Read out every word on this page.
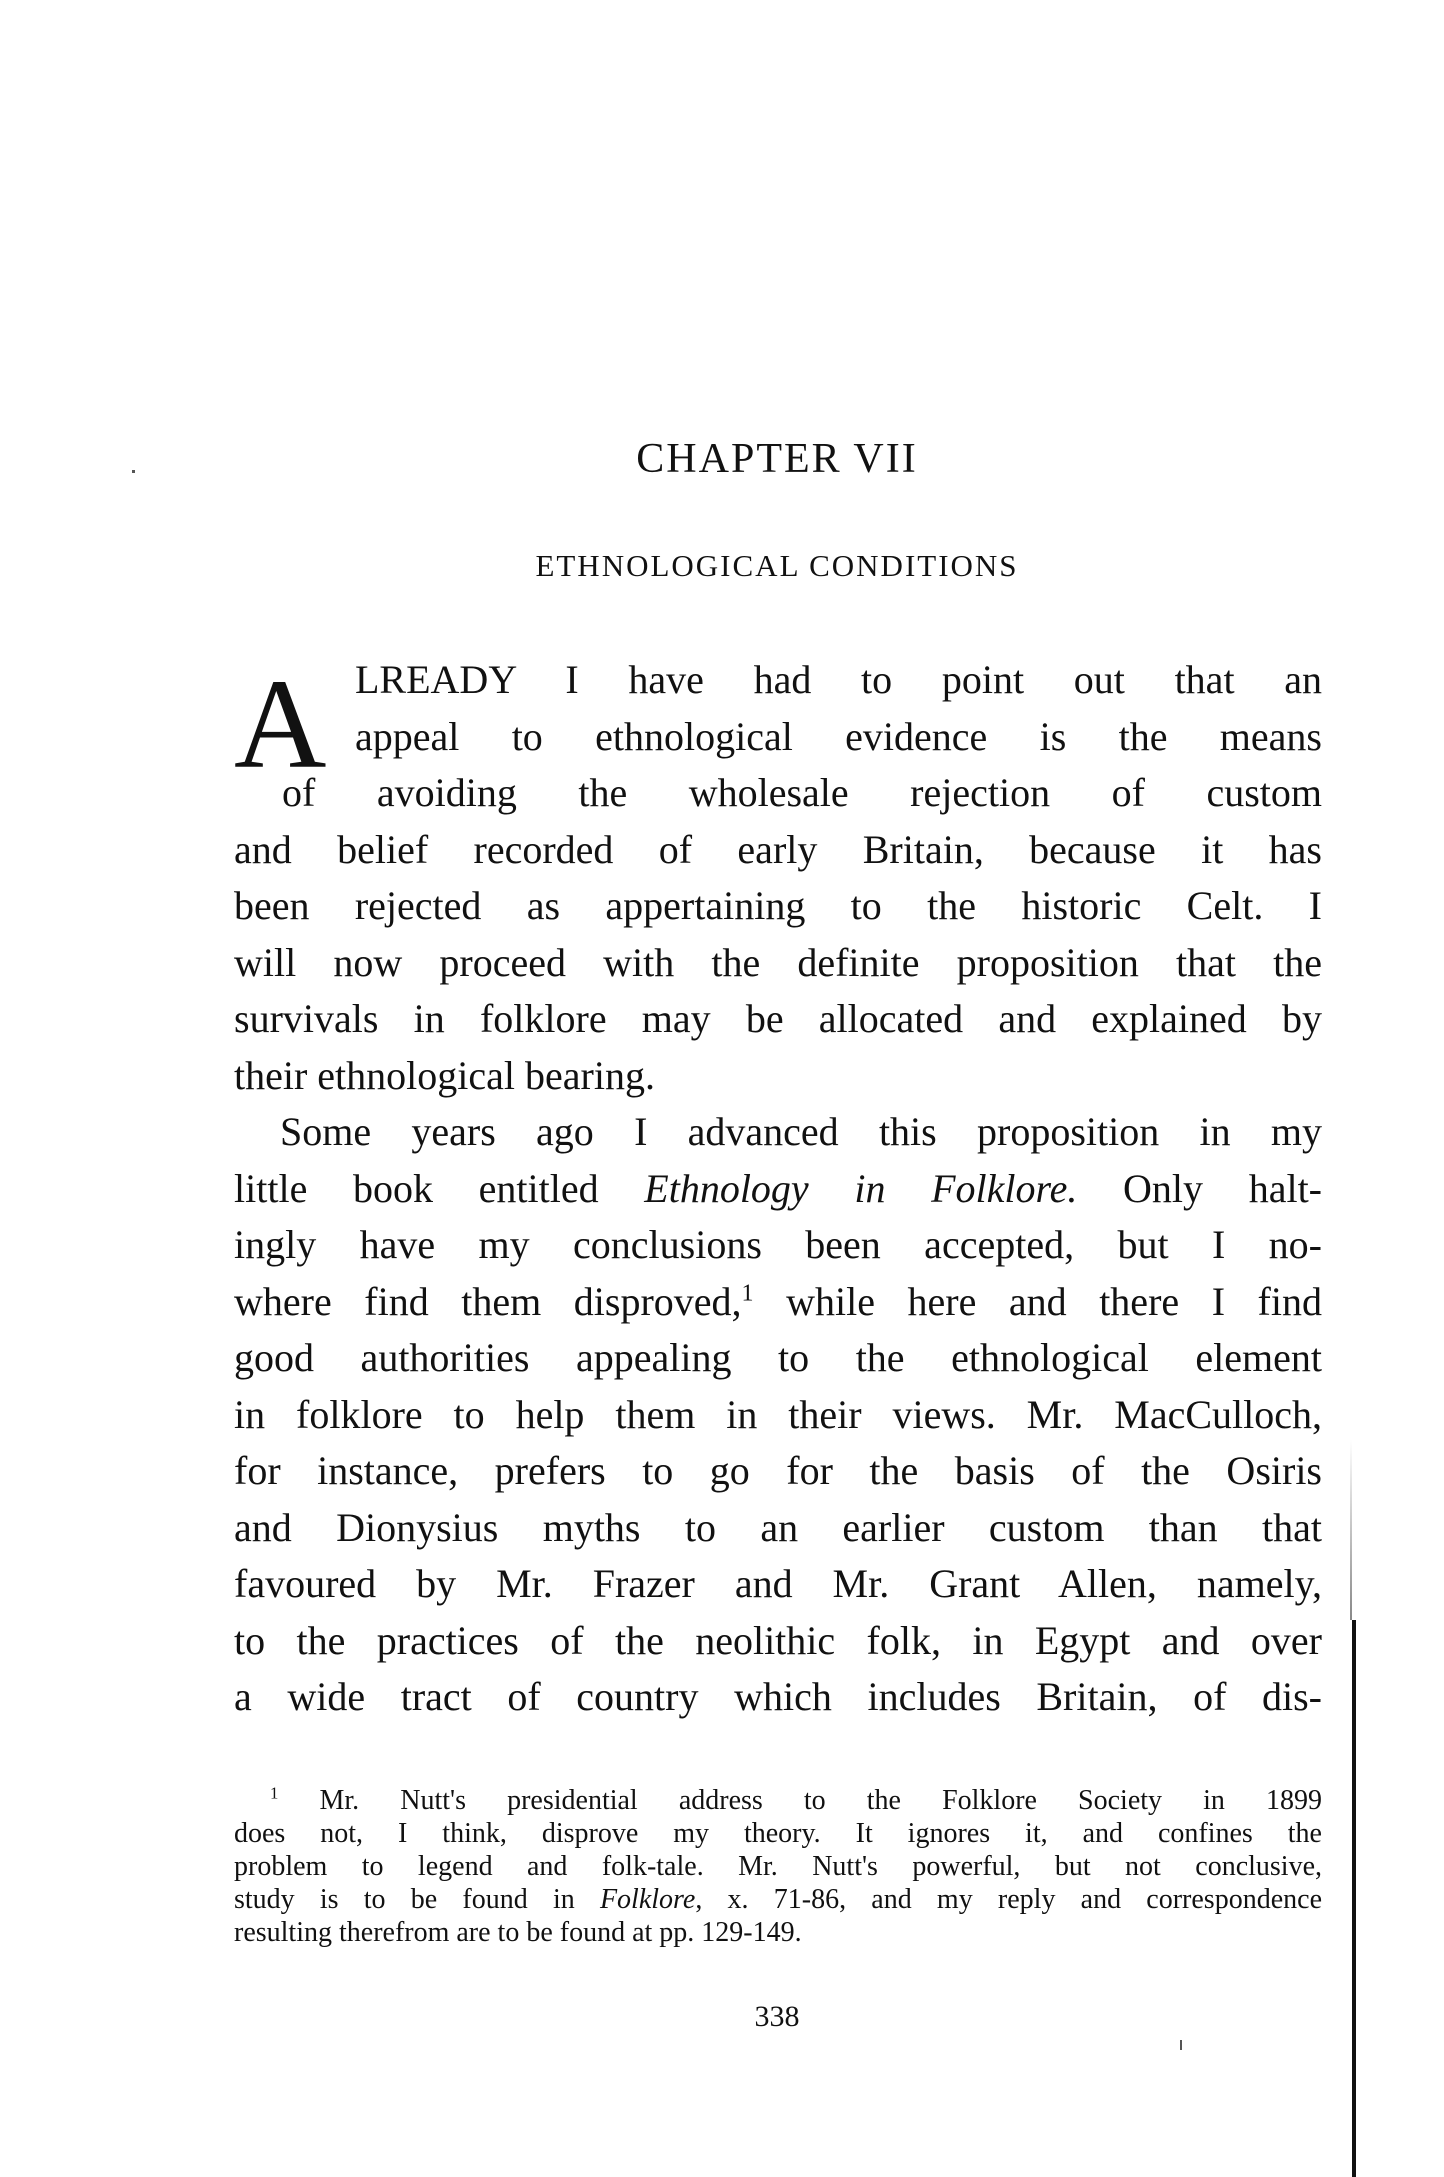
CHAPTER VII
ETHNOLOGICAL CONDITIONS
A LREADY I have had to point out that an
appeal to ethnological evidence is the means
of avoiding the wholesale rejection of custom
and belief recorded of early Britain, because it has
been rejected as appertaining to the historic Celt. I
will now proceed with the definite proposition that the
survivals in folklore may be allocated and explained by
their ethnological bearing.
Some years ago I advanced this proposition in my
little book entitled Ethnology in Folklore. Only halt-
ingly have my conclusions been accepted, but I no-
where find them disproved,$^1$ while here and there I find
good authorities appealing to the ethnological element
in folklore to help them in their views. Mr. MacCulloch,
for instance, prefers to go for the basis of the Osiris
and Dionysius myths to an earlier custom than that
favoured by Mr. Frazer and Mr. Grant Allen, namely,
to the practices of the neolithic folk, in Egypt and over
a wide tract of country which includes Britain, of dis-
$^1$ Mr. Nutt's presidential address to the Folklore Society in 1899
does not, I think, disprove my theory. It ignores it, and confines the
problem to legend and folk-tale. Mr. Nutt's powerful, but not conclusive,
study is to be found in Folklore, x. 71-86, and my reply and correspondence
resulting therefrom are to be found at pp. 129-149.
338
